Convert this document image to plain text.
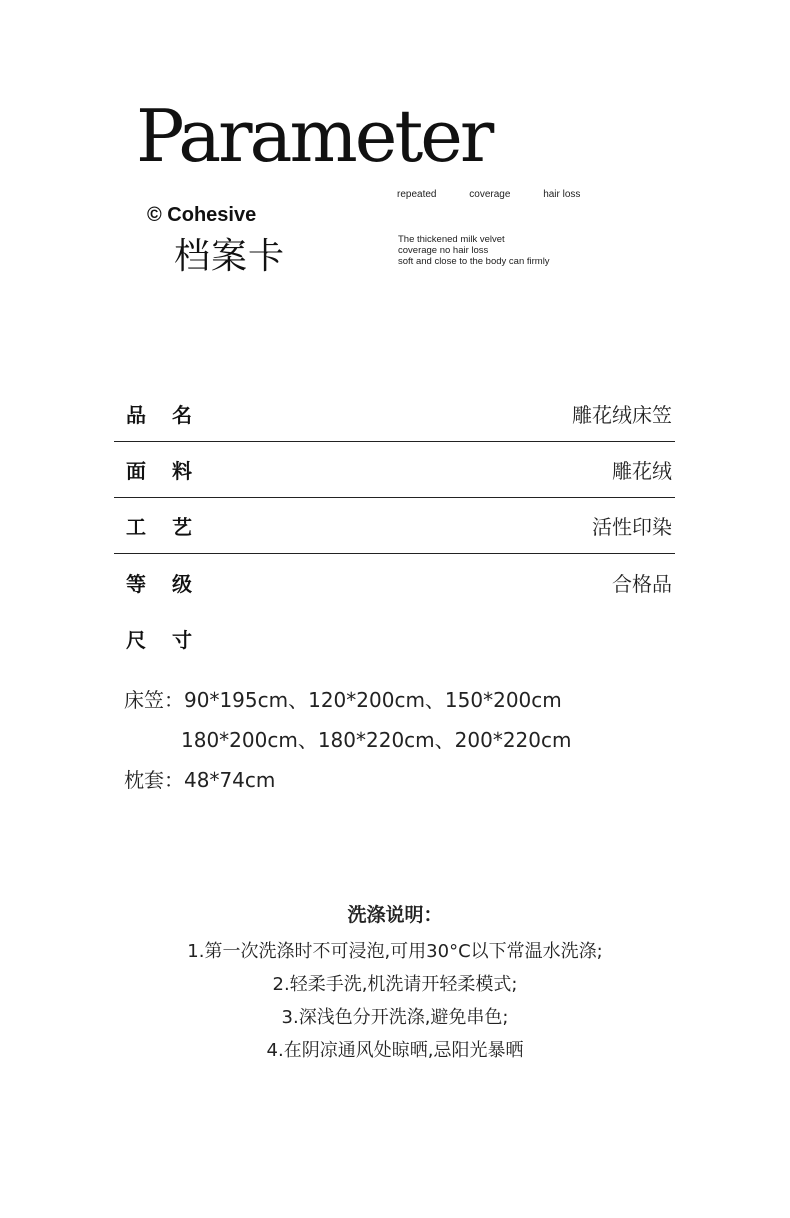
Parameter
© Cohesive
档案卡
repeated	coverage	hair loss
The thickened milk velvet
coverage no hair loss
soft and close to the body can firmly
品名	雕花绒床笠
面料	雕花绒
工艺	活性印染
等级	合格品
尺寸
床笠：90*195cm、120*200cm、150*200cm
180*200cm、180*220cm、200*220cm
枕套：48*74cm
洗涤说明：
1.第一次洗涤时不可浸泡,可用30°C以下常温水洗涤;
2.轻柔手洗,机洗请开轻柔模式;
3.深浅色分开洗涤,避免串色;
4.在阴凉通风处晾晒,忌阳光暴晒
